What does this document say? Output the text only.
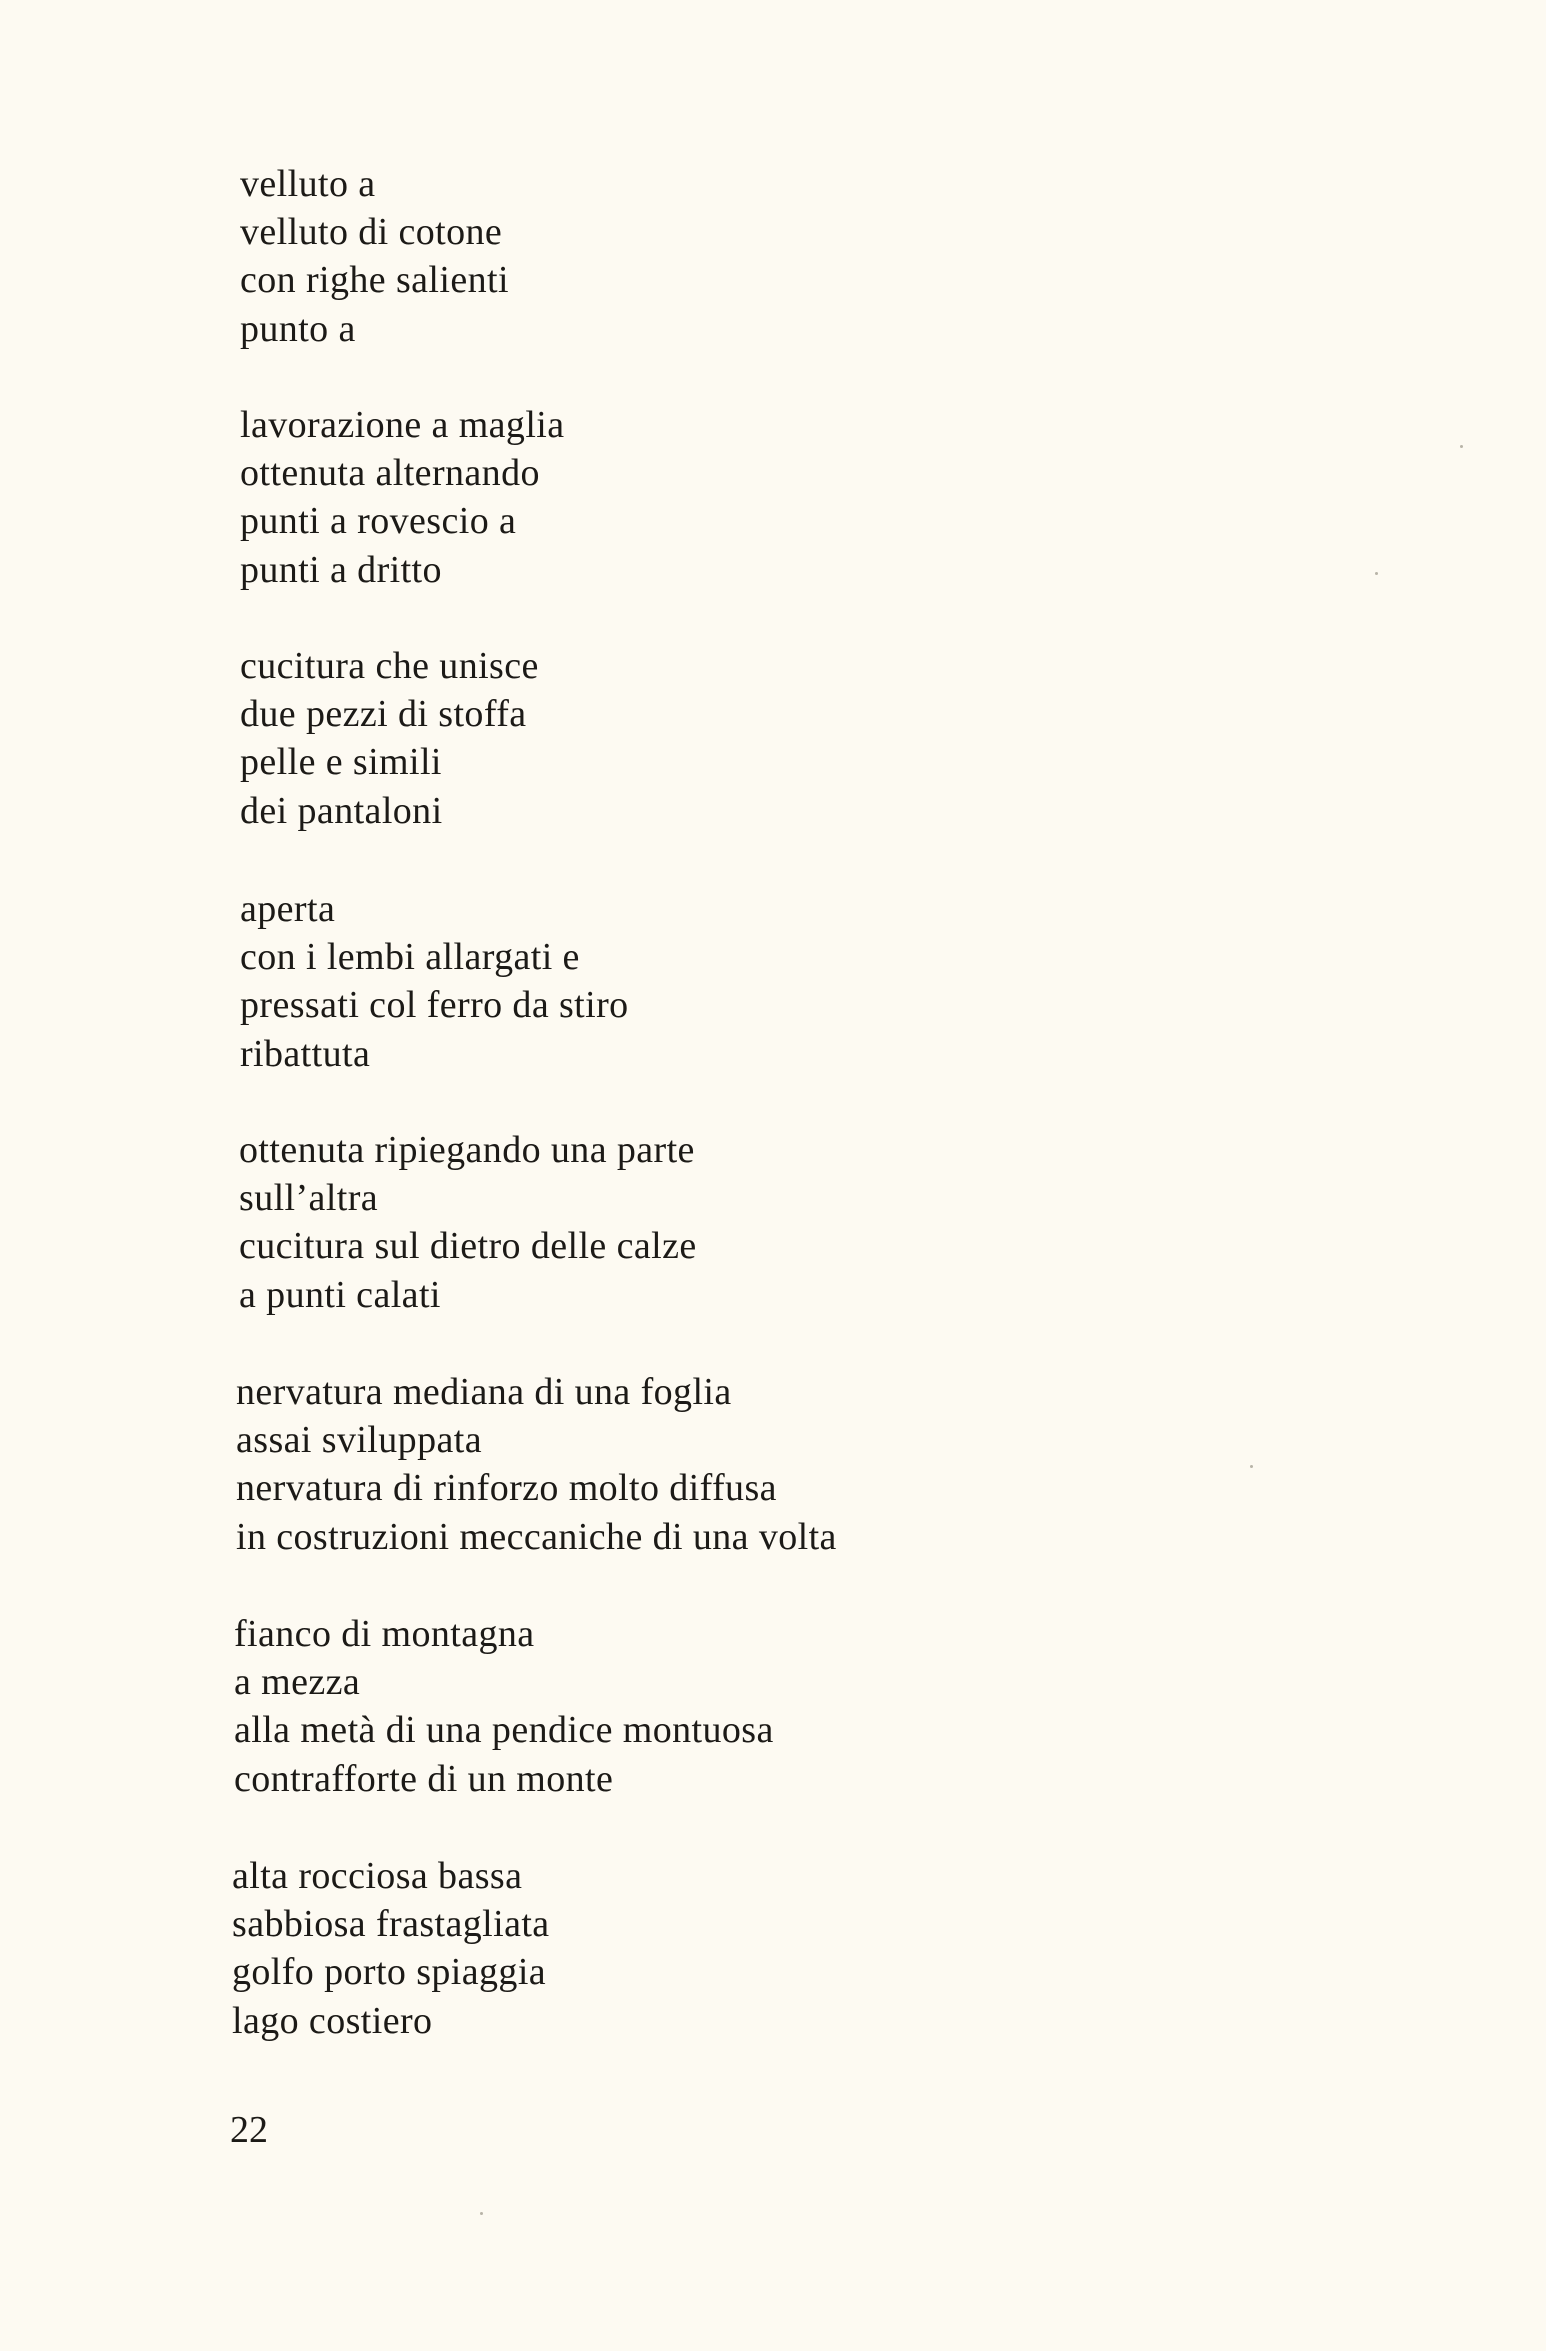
velluto a

velluto di cotone

con righe salienti

punto a

lavorazione a maglia

ottenuta alternando

punti a rovescio a

punti a dritto

cucitura che unisce

due pezzi di stoffa

pelle e simili

dei pantaloni

aperta

con i lembi allargati e

pressati col ferro da stiro

ribattuta

ottenuta ripiegando una parte

sull’altra

cucitura sul dietro delle calze

a punti calati

nervatura mediana di una foglia

assai sviluppata

nervatura di rinforzo molto diffusa

in costruzioni meccaniche di una volta

fianco di montagna

a mezza

alla metà di una pendice montuosa

contrafforte di un monte

alta rocciosa bassa

sabbiosa frastagliata

golfo porto spiaggia

lago costiero

22
